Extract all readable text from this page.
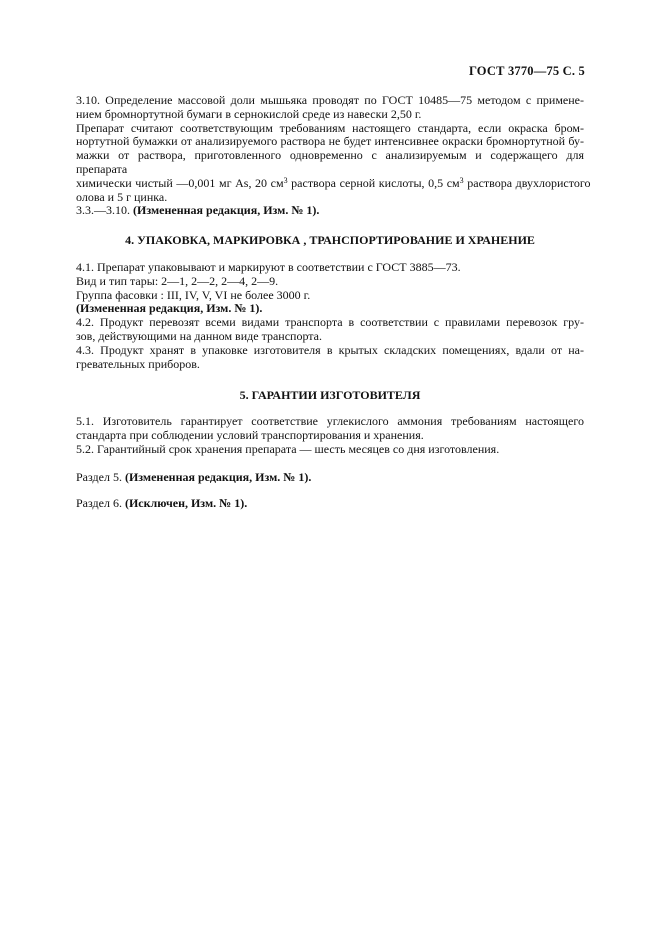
ГОСТ 3770—75 С. 5
3.10. Определение массовой доли мышьяка проводят по ГОСТ 10485—75 методом с примене-
нием бромнортутной бумаги в сернокислой среде из навески 2,50 г.
Препарат считают соответствующим требованиям настоящего стандарта, если окраска бром-
нортутной бумажки от анализируемого раствора не будет интенсивнее окраски бромнортутной бу-
мажки от раствора, приготовленного одновременно с анализируемым и содержащего для препарата
химически чистый —0,001 мг As, 20 $см^3$ раствора серной кислоты, 0,5 $см^3$ раствора двухлористого
олова и 5 г цинка.
3.3.—3.10. (Измененная редакция, Изм. № 1).
4. УПАКОВКА, МАРКИРОВКА , ТРАНСПОРТИРОВАНИЕ И ХРАНЕНИЕ
4.1. Препарат упаковывают и маркируют в соответствии с ГОСТ 3885—73.
Вид и тип тары: 2—1, 2—2, 2—4, 2—9.
Группа фасовки : III, IV, V, VI не более 3000 г.
(Измененная редакция, Изм. № 1).
4.2. Продукт перевозят всеми видами транспорта в соответствии с правилами перевозок гру-
зов, действующими на данном виде транспорта.
4.3. Продукт хранят в упаковке изготовителя в крытых складских помещениях, вдали от на-
гревательных приборов.
5. ГАРАНТИИ ИЗГОТОВИТЕЛЯ
5.1. Изготовитель гарантирует соответствие углекислого аммония требованиям настоящего
стандарта при соблюдении условий транспортирования и хранения.
5.2. Гарантийный срок хранения препарата — шесть месяцев со дня изготовления.
Раздел 5. (Измененная редакция, Изм. № 1).
Раздел 6. (Исключен, Изм. № 1).
